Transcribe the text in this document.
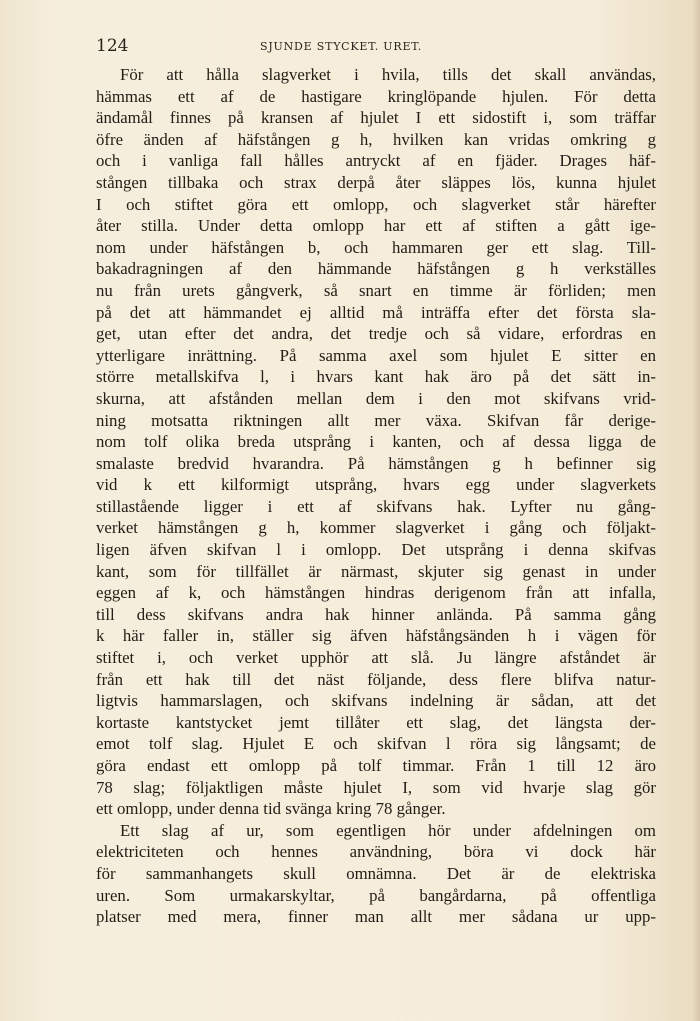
124	SJUNDE STYCKET. URET.
För att hålla slagverket i hvila, tills det skall användas,
hämmas ett af de hastigare kringlöpande hjulen. För detta
ändamål finnes på kransen af hjulet I ett sidostift i, som träffar
öfre änden af häfstången g h, hvilken kan vridas omkring g
och i vanliga fall hålles antryckt af en fjäder. Drages häf-
stången tillbaka och strax derpå åter släppes lös, kunna hjulet
I och stiftet göra ett omlopp, och slagverket står härefter
åter stilla. Under detta omlopp har ett af stiften a gått ige-
nom under häfstången b, och hammaren ger ett slag. Till-
bakadragningen af den hämmande häfstången g h verkställes
nu från urets gångverk, så snart en timme är förliden; men
på det att hämmandet ej alltid må inträffa efter det första sla-
get, utan efter det andra, det tredje och så vidare, erfordras en
ytterligare inrättning. På samma axel som hjulet E sitter en
större metallskifva l, i hvars kant hak äro på det sätt in-
skurna, att afstånden mellan dem i den mot skifvans vrid-
ning motsatta riktningen allt mer växa. Skifvan får derige-
nom tolf olika breda utsprång i kanten, och af dessa ligga de
smalaste bredvid hvarandra. På hämstången g h befinner sig
vid k ett kilformigt utsprång, hvars egg under slagverkets
stillastående ligger i ett af skifvans hak. Lyfter nu gång-
verket hämstången g h, kommer slagverket i gång och följakt-
ligen äfven skifvan l i omlopp. Det utsprång i denna skifvas
kant, som för tillfället är närmast, skjuter sig genast in under
eggen af k, och hämstången hindras derigenom från att infalla,
till dess skifvans andra hak hinner anlända. På samma gång
k här faller in, ställer sig äfven häfstångsänden h i vägen för
stiftet i, och verket upphör att slå. Ju längre afståndet är
från ett hak till det näst följande, dess flere blifva natur-
ligtvis hammarslagen, och skifvans indelning är sådan, att det
kortaste kantstycket jemt tillåter ett slag, det längsta der-
emot tolf slag. Hjulet E och skifvan l röra sig långsamt; de
göra endast ett omlopp på tolf timmar. Från 1 till 12 äro
78 slag; följaktligen måste hjulet I, som vid hvarje slag gör
ett omlopp, under denna tid svänga kring 78 gånger.
Ett slag af ur, som egentligen hör under afdelningen om
elektriciteten och hennes användning, böra vi dock här
för sammanhangets skull omnämna. Det är de elektriska
uren. Som urmakarskyltar, på bangårdarna, på offentliga
platser med mera, finner man allt mer sådana ur upp-
